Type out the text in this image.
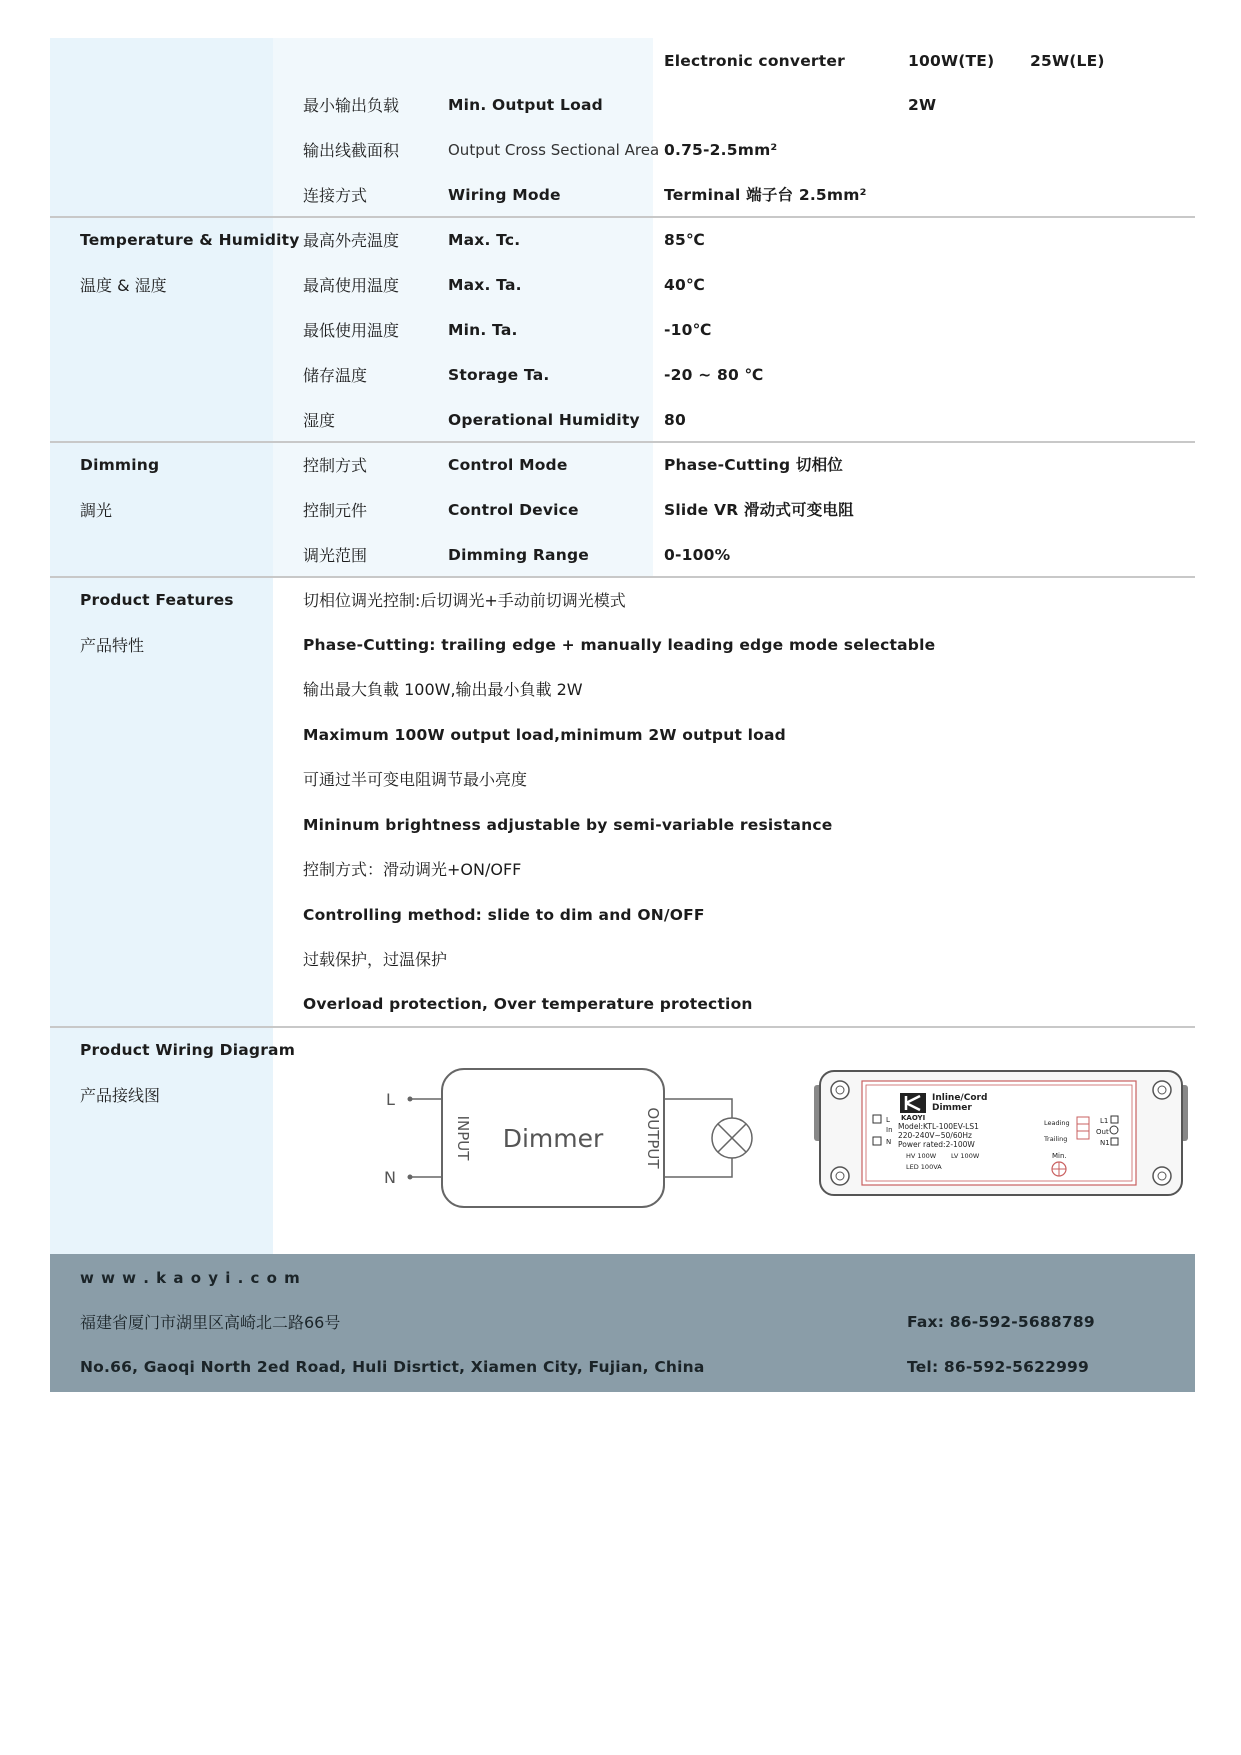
Electronic converter	100W(TE) 25W(LE)
最小输出负载	Min. Output Load	2W
输出线截面积	Output Cross Sectional Area 0.75-2.5mm²
连接方式	Wiring Mode	Terminal 端子台 2.5mm²
Temperature & Humidity
温度 & 湿度
最高外壳温度	Max. Tc.	85℃
最高使用温度	Max. Ta.	40℃
最低使用温度	Min. Ta.	-10℃
储存温度	Storage Ta.	-20 ~ 80 ℃
湿度	Operational Humidity 80
Dimming
調光
控制方式	Control Mode	Phase-Cutting 切相位
控制元件	Control Device	Slide VR 滑动式可变电阻
调光范围	Dimming Range	0-100%
Product Features
产品特性
切相位调光控制:后切调光+手动前切调光模式
Phase-Cutting: trailing edge + manually leading edge mode selectable
输出最大負載 100W,输出最小負載 2W
Maximum 100W output load,minimum 2W output load
可通过半可变电阻调节最小亮度
Mininum brightness adjustable by semi-variable resistance
控制方式：滑动调光+ON/OFF
Controlling method: slide to dim and ON/OFF
过载保护，过温保护
Overload protection, Over temperature protection
Product Wiring Diagram
产品接线图	L
N
INPUT	OUTPUT
Dimmer
KAOYI
Inline/Cord
Dimmer
Model:KTL-100EV-LS1
220-240V~50/60Hz
Power rated:2-100W
HV 100W LV 100W
LED 100VA
L
In
N
Leading
Trailing
L1
Out
N1
Min.
w w w . k a o y i . c o m
福建省厦门市湖里区高崎北二路66号
No.66, Gaoqi North 2ed Road, Huli Disrtict, Xiamen City, Fujian, China
Fax: 86-592-5688789
Tel: 86-592-5622999
